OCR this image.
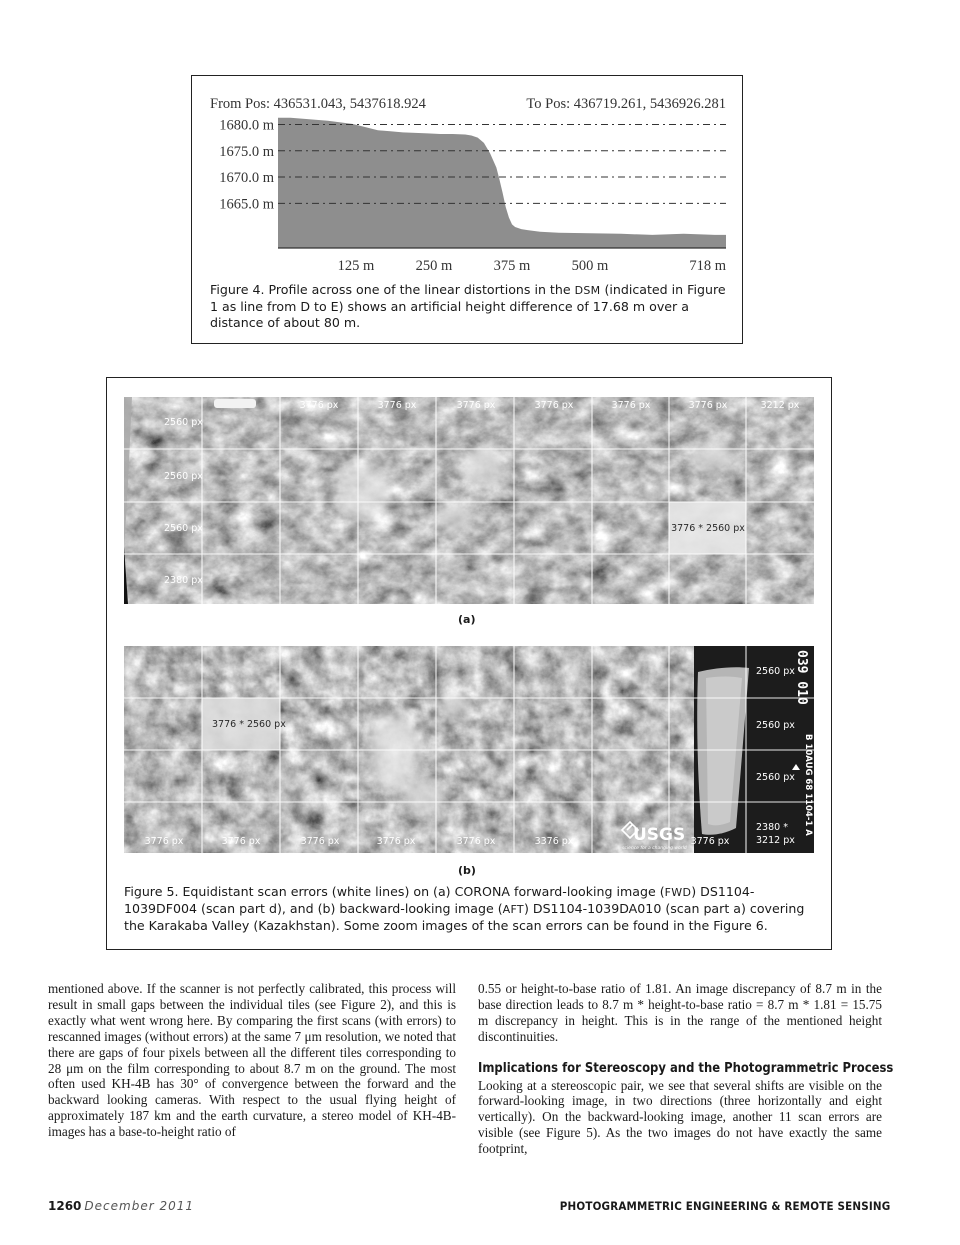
From Pos: 436531.043, 5437618.924	To Pos: 436719.261, 5436926.281
1680.0 m
1675.0 m
1670.0 m
1665.0 m
125 m	250 m	375 m	500 m	718 m
Figure 4. Profile across one of the linear distortions in the DSM (indicated in Figure 1 as line from D to E) shows an artificial height difference of 17.68 m over a distance of about 80 m.
3776 px	3776 px	3776 px	3776 px	3776 px	3776 px	3212 px
2560 px
2560 px
2560 px
2380 px
3776 * 2560 px
(a)
3776 px	3776 px	3776 px	3776 px	3776 px	3376 px	3776 px
USGS
science for a changing world
2560 px
2560 px
2560 px
2380 *
3212 px
039 010
B 10AUG 68 1104-1 A
3776 * 2560 px
(b)
Figure 5. Equidistant scan errors (white lines) on (a) CORONA forward-looking image (FWD) DS1104-1039DF004 (scan part d), and (b) backward-looking image (AFT) DS1104-1039DA010 (scan part a) covering the Karakaba Valley (Kazakhstan). Some zoom images of the scan errors can be found in the Figure 6.

mentioned above. If the scanner is not perfectly calibrated, this process will result in small gaps between the individual tiles (see Figure 2), and this is exactly what went wrong here. By comparing the first scans (with errors) to rescanned images (without errors) at the same 7 μm resolution, we noted that there are gaps of four pixels between all the different tiles corresponding to 28 μm on the film corresponding to about 8.7 m on the ground. The most often used KH-4B has 30° of convergence between the forward and the backward looking cameras. With respect to the usual flying height of approximately 187 km and the earth curvature, a stereo model of KH-4B-images has a base-to-height ratio of

0.55 or height-to-base ratio of 1.81. An image discrepancy of 8.7 m in the base direction leads to 8.7 m * height-to-base ratio = 8.7 m * 1.81 = 15.75 m discrepancy in height. This is in the range of the mentioned height discontinuities.

Implications for Stereoscopy and the Photogrammetric Process

Looking at a stereoscopic pair, we see that several shifts are visible on the forward-looking image, in two directions (three horizontally and eight vertically). On the backward-looking image, another 11 scan errors are visible (see Figure 5). As the two images do not have exactly the same footprint,

1260 December 2011	PHOTOGRAMMETRIC ENGINEERING & REMOTE SENSING
